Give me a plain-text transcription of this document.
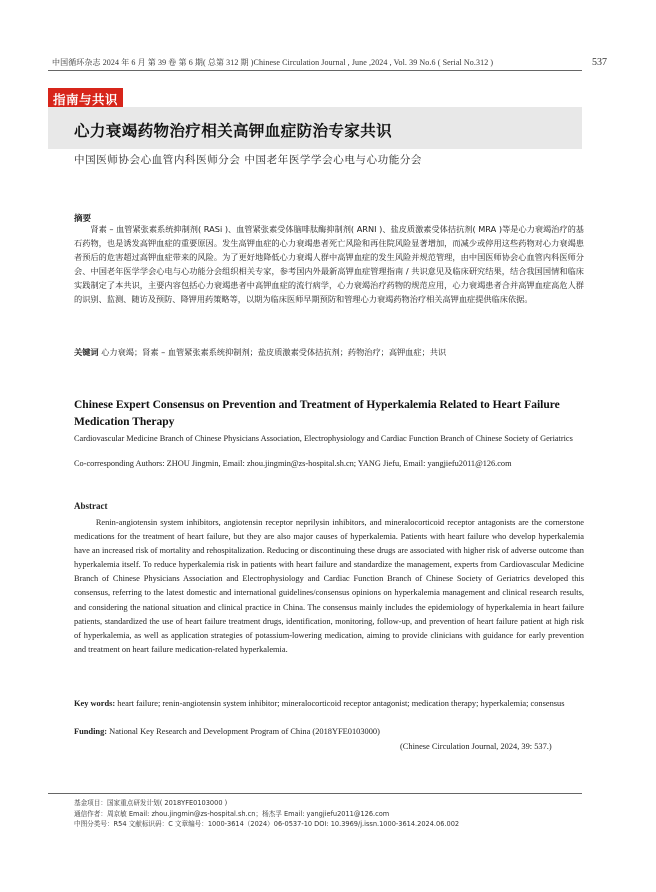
中国循环杂志 2024 年 6 月 第 39 卷 第 6 期( 总第 312 期 )Chinese Circulation Journal , June ,2024 , Vol. 39 No.6 ( Serial No.312 )	537
指南与共识
心力衰竭药物治疗相关高钾血症防治专家共识
中国医师协会心血管内科医师分会 中国老年医学学会心电与心功能分会
摘要
肾素 – 血管紧张素系统抑制剂( RASi )、血管紧张素受体脑啡肽酶抑制剂( ARNI )、盐皮质激素受体拮抗剂( MRA )等是心力衰竭治疗的基石药物，也是诱发高钾血症的重要原因。发生高钾血症的心力衰竭患者死亡风险和再住院风险显著增加，而减少或停用这些药物对心力衰竭患者预后的危害超过高钾血症带来的风险。为了更好地降低心力衰竭人群中高钾血症的发生风险并规范管理，由中国医师协会心血管内科医师分会、中国老年医学学会心电与心功能分会组织相关专家，参考国内外最新高钾血症管理指南 / 共识意见及临床研究结果，结合我国国情和临床实践制定了本共识，主要内容包括心力衰竭患者中高钾血症的流行病学，心力衰竭治疗药物的规范应用，心力衰竭患者合并高钾血症高危人群的识别、监测、随访及预防、降钾用药策略等，以期为临床医师早期预防和管理心力衰竭药物治疗相关高钾血症提供临床依据。
关键词 心力衰竭；肾素 – 血管紧张素系统抑制剂；盐皮质激素受体拮抗剂；药物治疗；高钾血症；共识
Chinese Expert Consensus on Prevention and Treatment of Hyperkalemia Related to Heart Failure Medication Therapy
Cardiovascular Medicine Branch of Chinese Physicians Association, Electrophysiology and Cardiac Function Branch of Chinese Society of Geriatrics
Co-corresponding Authors: ZHOU Jingmin, Email: zhou.jingmin@zs-hospital.sh.cn; YANG Jiefu, Email: yangjiefu2011@126.com
Abstract
Renin-angiotensin system inhibitors, angiotensin receptor neprilysin inhibitors, and mineralocorticoid receptor antagonists are the cornerstone medications for the treatment of heart failure, but they are also major causes of hyperkalemia. Patients with heart failure who develop hyperkalemia have an increased risk of mortality and rehospitalization. Reducing or discontinuing these drugs are associated with higher risk of adverse outcome than hyperkalemia itself. To reduce hyperkalemia risk in patients with heart failure and standardize the management, experts from Cardiovascular Medicine Branch of Chinese Physicians Association and Electrophysiology and Cardiac Function Branch of Chinese Society of Geriatrics developed this consensus, referring to the latest domestic and international guidelines/consensus opinions on hyperkalemia management and clinical research results, and considering the national situation and clinical practice in China. The consensus mainly includes the epidemiology of hyperkalemia in heart failure patients, standardized the use of heart failure treatment drugs, identification, monitoring, follow-up, and prevention of heart failure patient at high risk of hyperkalemia, as well as application strategies of potassium-lowering medication, aiming to provide clinicians with guidance for early prevention and treatment on heart failure medication-related hyperkalemia.
Key words: heart failure; renin-angiotensin system inhibitor; mineralocorticoid receptor antagonist; medication therapy; hyperkalemia; consensus
Funding: National Key Research and Development Program of China (2018YFE0103000)
(Chinese Circulation Journal, 2024, 39: 537.)
基金项目：国家重点研发计划( 2018YFE0103000 )
通信作者：周京敏 Email: zhou.jingmin@zs-hospital.sh.cn；杨杰孚 Email: yangjiefu2011@126.com
中图分类号：R54 文献标识码：C 文章编号：1000-3614（2024）06-0537-10 DOI: 10.3969/j.issn.1000-3614.2024.06.002
